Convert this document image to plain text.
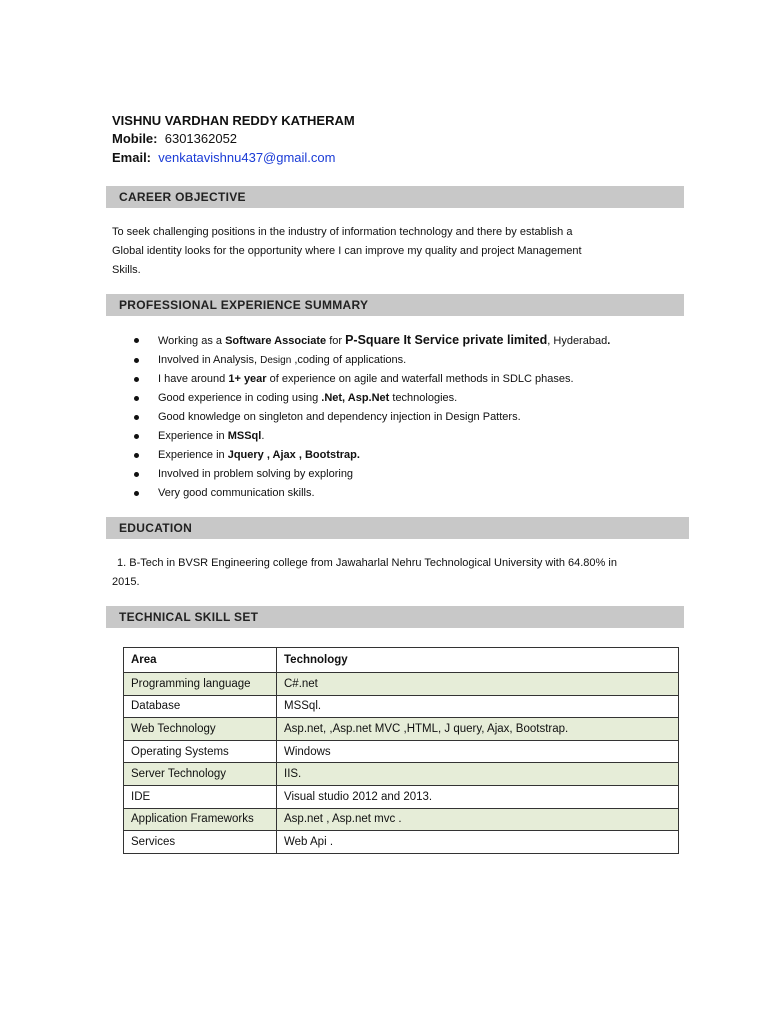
VISHNU VARDHAN REDDY KATHERAM
Mobile: 6301362052
Email: venkatavishnu437@gmail.com
CAREER OBJECTIVE
To seek challenging positions in the industry of information technology and there by establish a
Global identity looks for the opportunity where I can improve my quality and project Management
Skills.
PROFESSIONAL EXPERIENCE SUMMARY
Working as a Software Associate for P-Square It Service private limited, Hyderabad.
Involved in Analysis, Design ,coding of applications.
I have around 1+ year of experience on agile and waterfall methods in SDLC phases.
Good experience in coding using .Net, Asp.Net technologies.
Good knowledge on singleton and dependency injection in Design Patters.
Experience in MSSql.
Experience in Jquery , Ajax , Bootstrap.
Involved in problem solving by exploring
Very good communication skills.
EDUCATION
1. B-Tech in BVSR Engineering college from Jawaharlal Nehru Technological University with 64.80% in
2015.
TECHNICAL SKILL SET
Area	Technology
Programming language	C#.net
Database	MSSql.
Web Technology	Asp.net, ,Asp.net MVC ,HTML, J query, Ajax, Bootstrap.
Operating Systems	Windows
Server Technology	IIS.
IDE	Visual studio 2012 and 2013.
Application Frameworks	Asp.net , Asp.net mvc .
Services	Web Api .
